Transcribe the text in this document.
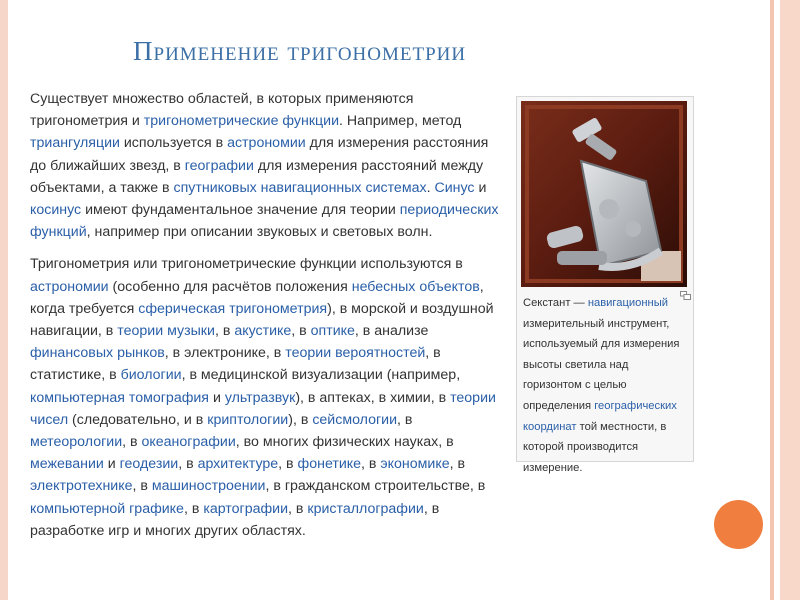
Применение тригонометрии

Существует множество областей, в которых применяются тригонометрия и тригонометрические функции. Например, метод триангуляции используется в астрономии для измерения расстояния до ближайших звезд, в географии для измерения расстояний между объектами, а также в спутниковых навигационных системах. Синус и косинус имеют фундаментальное значение для теории периодических функций, например при описании звуковых и световых волн.

Тригонометрия или тригонометрические функции используются в астрономии (особенно для расчётов положения небесных объектов, когда требуется сферическая тригонометрия), в морской и воздушной навигации, в теории музыки, в акустике, в оптике, в анализе финансовых рынков, в электронике, в теории вероятностей, в статистике, в биологии, в медицинской визуализации (например, компьютерная томография и ультразвук), в аптеках, в химии, в теории чисел (следовательно, и в криптологии), в сейсмологии, в метеорологии, в океанографии, во многих физических науках, в межевании и геодезии, в архитектуре, в фонетике, в экономике, в электротехнике, в машиностроении, в гражданском строительстве, в компьютерной графике, в картографии, в кристаллографии, в разработке игр и многих других областях.

Секстант — навигационный измерительный инструмент, используемый для измерения высоты светила над горизонтом с целью определения географических координат той местности, в которой производится измерение.
